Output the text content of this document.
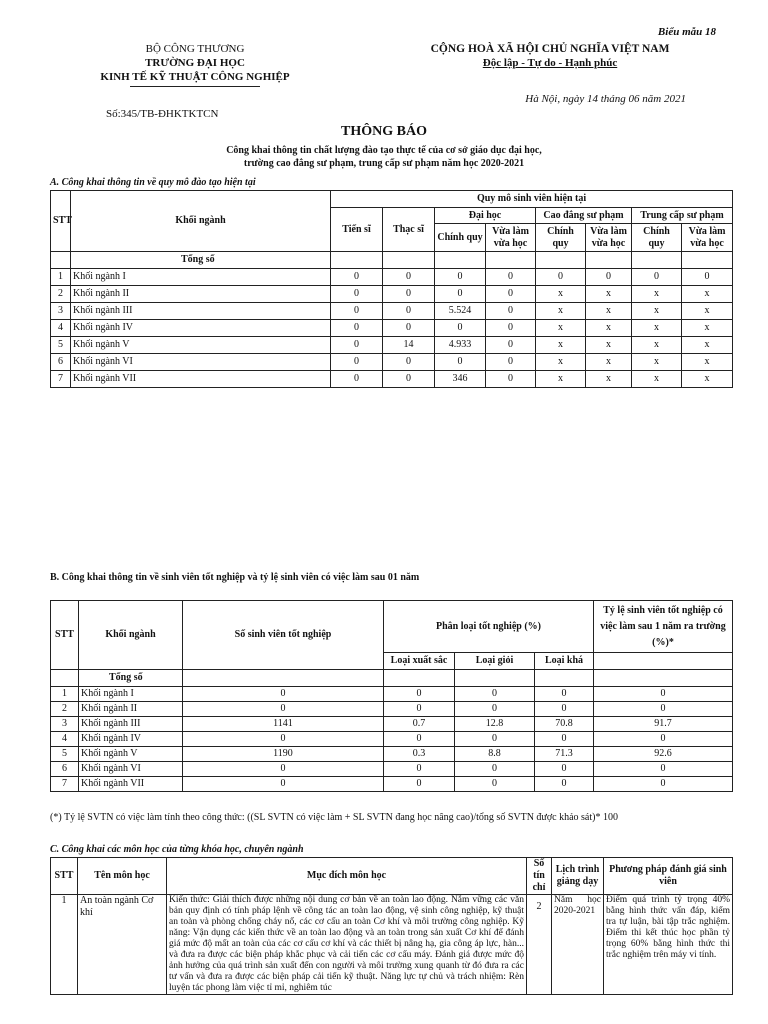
Biểu mẫu 18
BỘ CÔNG THƯƠNG
TRƯỜNG ĐẠI HỌC
KINH TẾ KỸ THUẬT CÔNG NGHIỆP
Số:345/TB-ĐHKTKTCN
CỘNG HOÀ XÃ HỘI CHỦ NGHĨA VIỆT NAM
Độc lập - Tự do - Hạnh phúc
Hà Nội, ngày 14 tháng 06 năm 2021
THÔNG BÁO
Công khai thông tin chất lượng đào tạo thực tế của cơ sở giáo dục đại học,
trường cao đẳng sư phạm, trung cấp sư phạm năm học 2020-2021
A. Công khai thông tin về quy mô đào tạo hiện tại
STT	Khối ngành	Quy mô sinh viên hiện tại							
		Tiến sĩ	Thạc sĩ	Đại học		Cao đẳng sư phạm		Trung cấp sư phạm	
				Chính quy	Vừa làm vừa học	Chính quy	Vừa làm vừa học	Chính quy	Vừa làm vừa học
	Tổng số								
1	Khối ngành I	0	0	0	0	0	0	0	0
2	Khối ngành II	0	0	0	0	x	x	x	x
3	Khối ngành III	0	0	5.524	0	x	x	x	x
4	Khối ngành IV	0	0	0	0	x	x	x	x
5	Khối ngành V	0	14	4.933	0	x	x	x	x
6	Khối ngành VI	0	0	0	0	x	x	x	x
7	Khối ngành VII	0	0	346	0	x	x	x	x
B. Công khai thông tin về sinh viên tốt nghiệp và tỷ lệ sinh viên có việc làm sau 01 năm
STT	Khối ngành	Số sinh viên tốt nghiệp	Phân loại tốt nghiệp (%)			Tỷ lệ sinh viên tốt nghiệp có việc làm sau 1 năm ra trường (%)*
			Loại xuất sắc	Loại giỏi	Loại khá	
	Tổng số					
1	Khối ngành I	0	0	0	0	0
2	Khối ngành II	0	0	0	0	0
3	Khối ngành III	1141	0.7	12.8	70.8	91.7
4	Khối ngành IV	0	0	0	0	0
5	Khối ngành V	1190	0.3	8.8	71.3	92.6
6	Khối ngành VI	0	0	0	0	0
7	Khối ngành VII	0	0	0	0	0
(*) Tỷ lệ SVTN có việc làm tính theo công thức: ((SL SVTN có việc làm + SL SVTN đang học nâng cao)/tổng số SVTN được khảo sát)* 100
C. Công khai các môn học của từng khóa học, chuyên ngành
STT	Tên môn học	Mục đích môn học	Số tín chỉ	Lịch trình giảng dạy	Phương pháp đánh giá sinh viên
1	An toàn ngành Cơ khí	Kiến thức: Giải thích được những nội dung cơ bản về an toàn lao động. Nắm vững các văn bản quy định có tính pháp lệnh về công tác an toàn lao động, vệ sinh công nghiệp, kỹ thuật an toàn và phòng chống cháy nổ, các cơ cấu an toàn Cơ khí và môi trường công nghiệp. Kỹ năng: Vận dụng các kiến thức về an toàn lao động và an toàn trong sản xuất Cơ khí để đánh giá mức độ mất an toàn của các cơ cấu cơ khí và các thiết bị nâng hạ, gia công áp lực, hàn... và đưa ra được các biện pháp khắc phục và cải tiến các cơ cấu máy. Đánh giá được mức độ ảnh hưởng của quá trình sản xuất đến con người và môi trường xung quanh từ đó đưa ra các tư vấn và đưa ra được các biện pháp cải tiến kỹ thuật. Năng lực tự chủ và trách nhiệm: Rèn luyện tác phong làm việc tỉ mỉ, nghiêm túc	2	Năm học 2020-2021	Điểm quá trình tỷ trọng 40% bằng hình thức vấn đáp, kiểm tra tự luận, bài tập trắc nghiệm. Điểm thi kết thúc học phần tỷ trọng 60% bằng hình thức thi trắc nghiệm trên máy vi tính.
